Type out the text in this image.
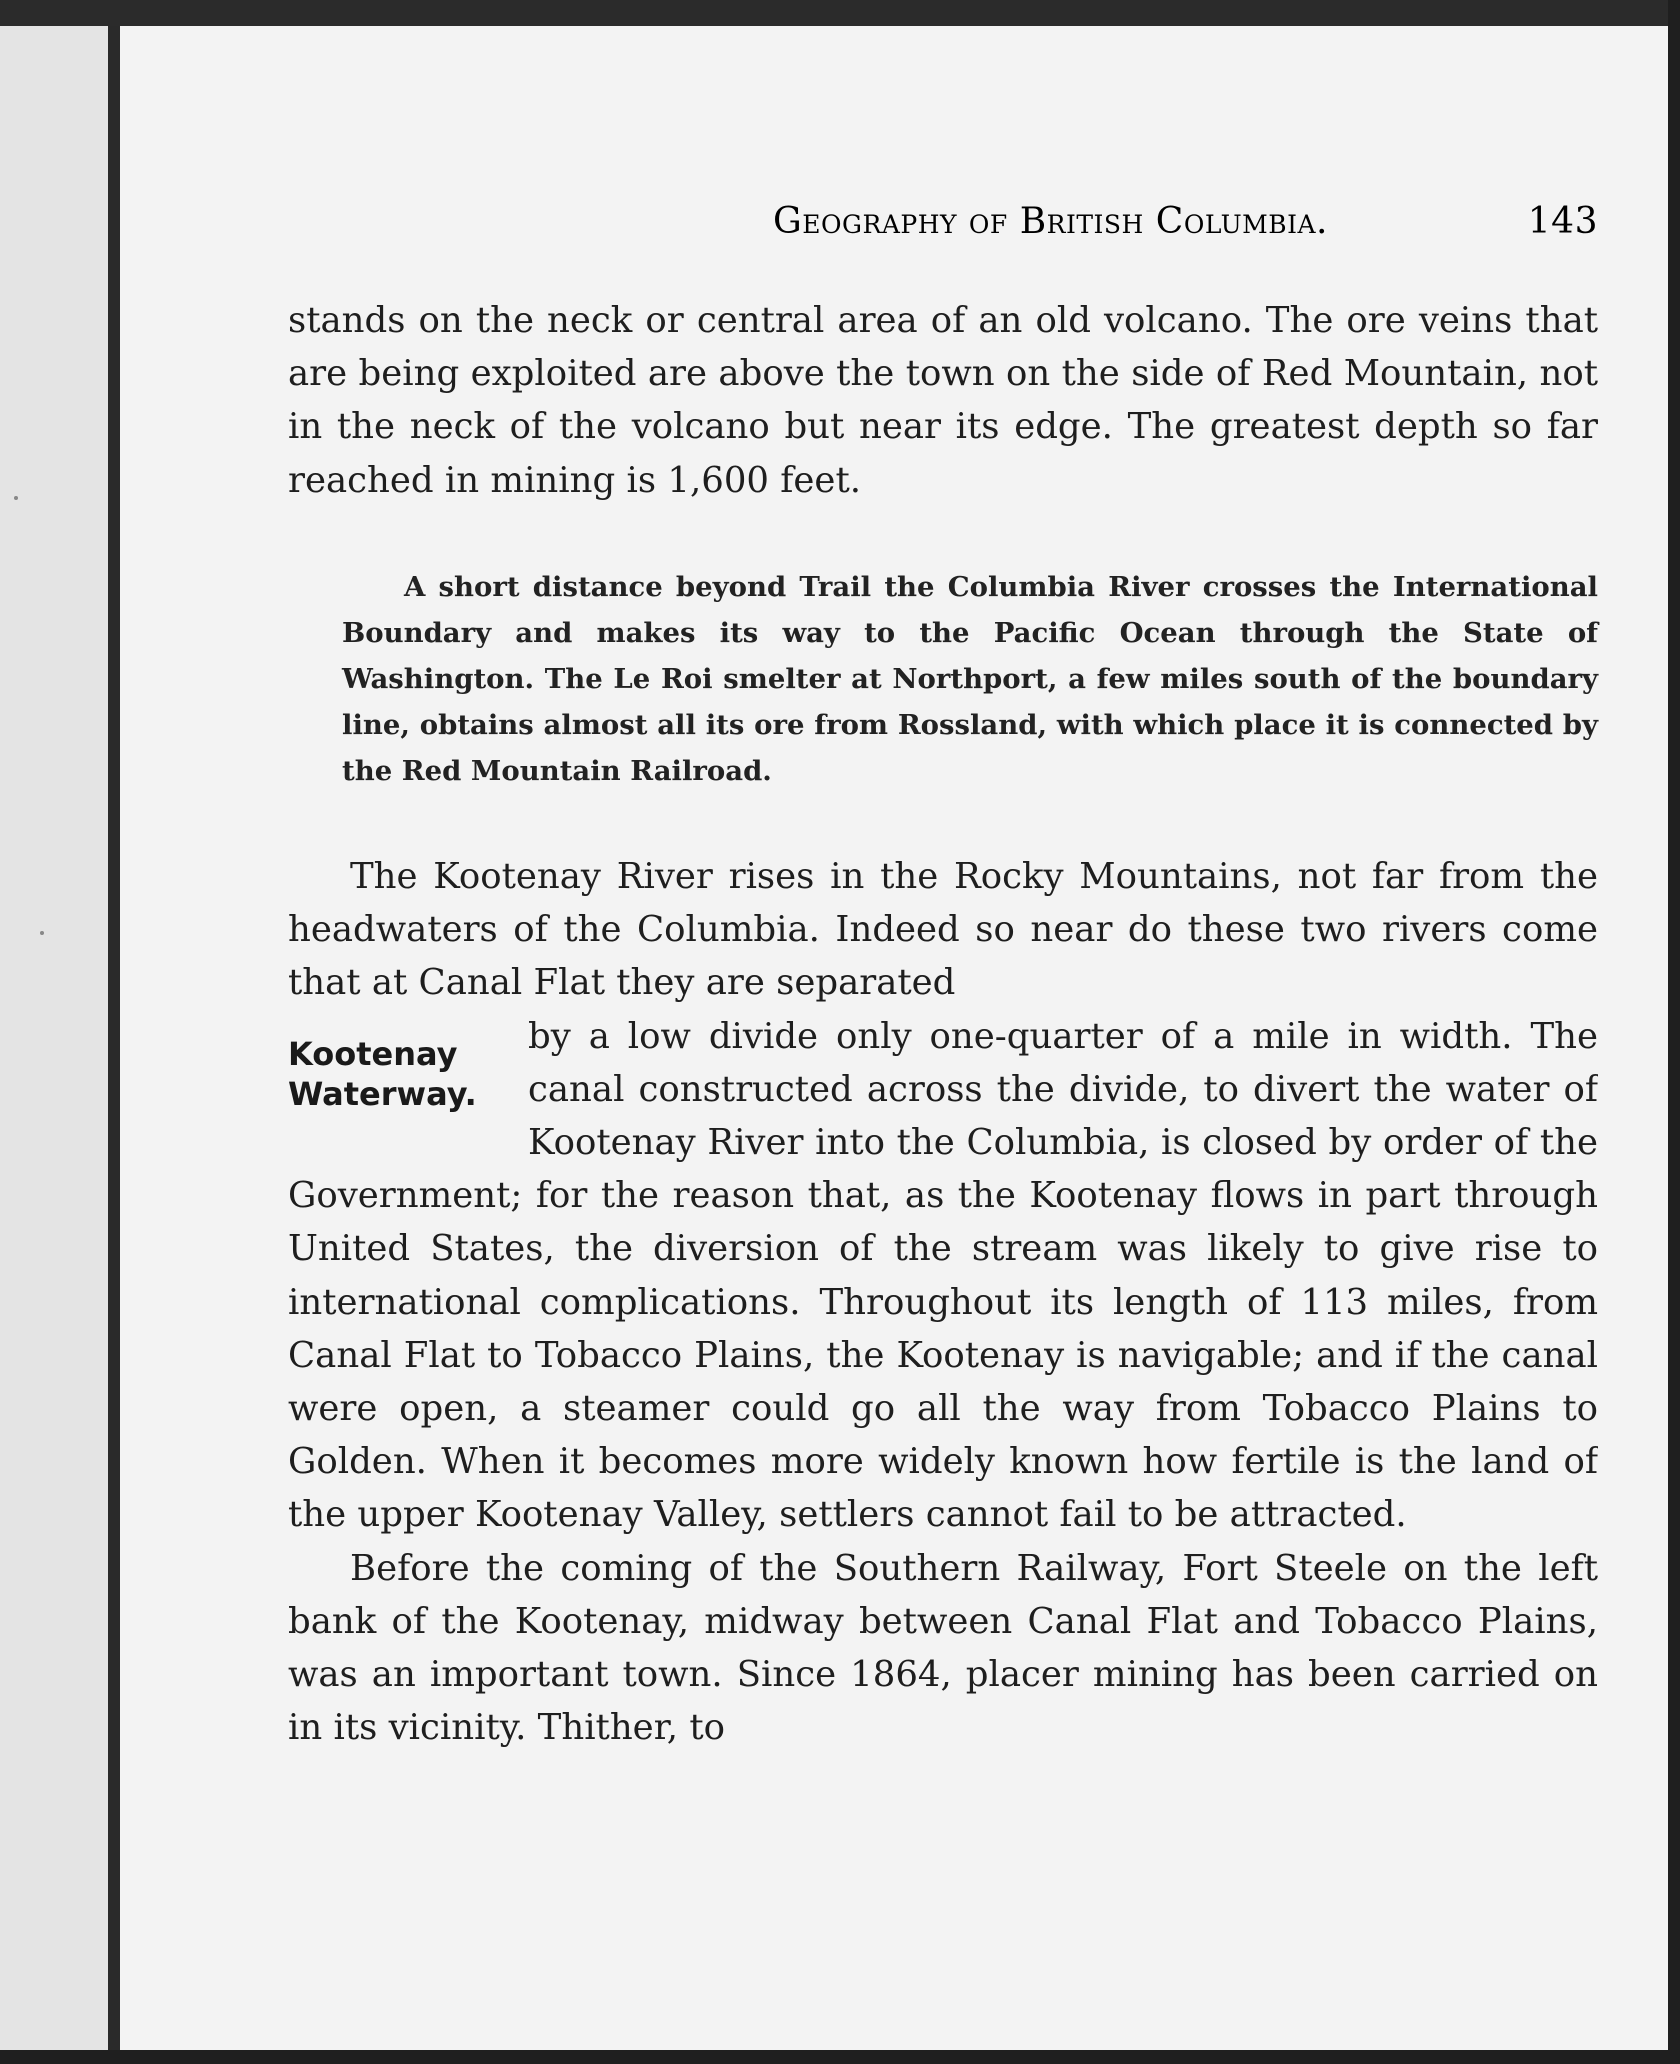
Geography of British Columbia.	143

stands on the neck or central area of an old volcano. The ore veins that are being exploited are above the town on the side of Red Mountain, not in the neck of the volcano but near its edge. The greatest depth so far reached in mining is 1,600 feet.

A short distance beyond Trail the Columbia River crosses the International Boundary and makes its way to the Pacific Ocean through the State of Washington. The Le Roi smelter at Northport, a few miles south of the boundary line, obtains almost all its ore from Rossland, with which place it is connected by the Red Mountain Railroad.

The Kootenay River rises in the Rocky Mountains, not far from the headwaters of the Columbia. Indeed so near do these two rivers come that at Canal Flat they are separated

Kootenay
Waterway.

by a low divide only one-quarter of a mile in width. The canal constructed across the divide, to divert the water of Kootenay River into the Columbia, is closed by order of the Government; for the reason that, as the Kootenay flows in part through United States, the diversion of the stream was likely to give rise to international complications. Throughout its length of 113 miles, from Canal Flat to Tobacco Plains, the Kootenay is navigable; and if the canal were open, a steamer could go all the way from Tobacco Plains to Golden. When it becomes more widely known how fertile is the land of the upper Kootenay Valley, settlers cannot fail to be attracted.

Before the coming of the Southern Railway, Fort Steele on the left bank of the Kootenay, midway between Canal Flat and Tobacco Plains, was an important town. Since 1864, placer mining has been carried on in its vicinity. Thither, to
